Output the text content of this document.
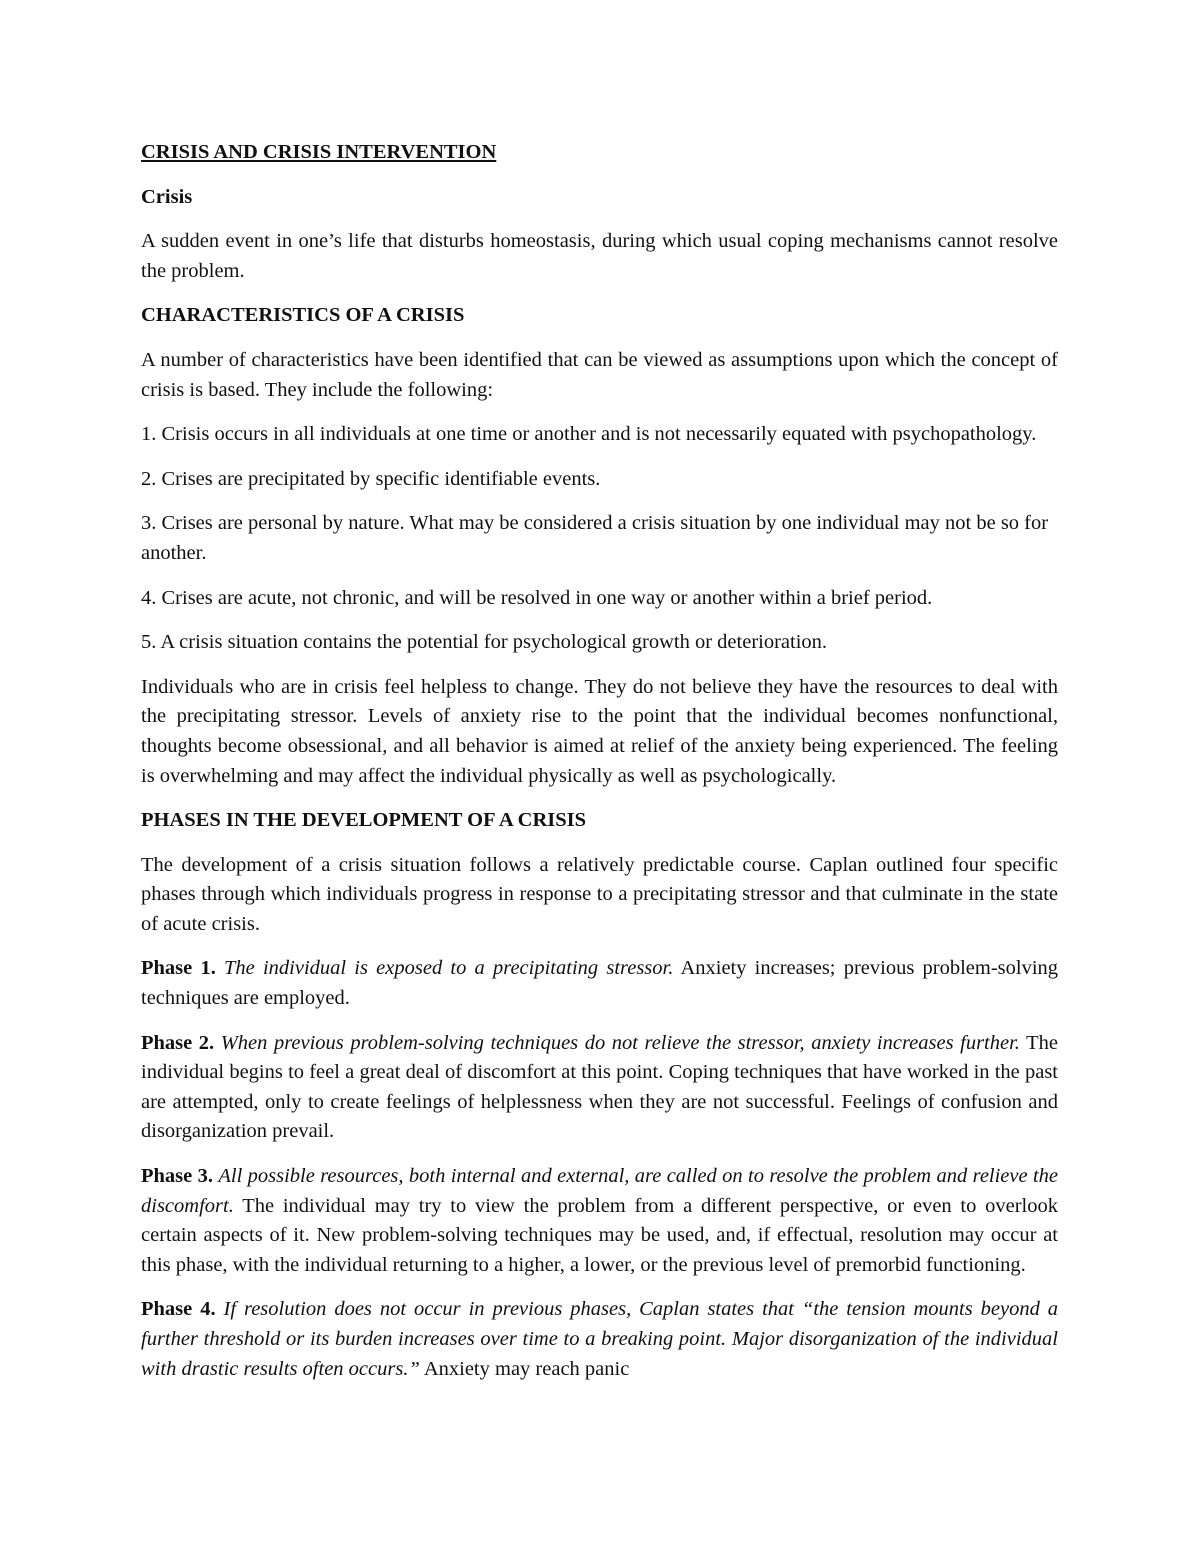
CRISIS AND CRISIS INTERVENTION

Crisis

A sudden event in one’s life that disturbs homeostasis, during which usual coping mechanisms cannot resolve the problem.

CHARACTERISTICS OF A CRISIS

A number of characteristics have been identified that can be viewed as assumptions upon which the concept of crisis is based. They include the following:

1. Crisis occurs in all individuals at one time or another and is not necessarily equated with psychopathology.

2. Crises are precipitated by specific identifiable events.

3. Crises are personal by nature. What may be considered a crisis situation by one individual may not be so for another.

4. Crises are acute, not chronic, and will be resolved in one way or another within a brief period.

5. A crisis situation contains the potential for psychological growth or deterioration.

Individuals who are in crisis feel helpless to change. They do not believe they have the resources to deal with the precipitating stressor. Levels of anxiety rise to the point that the individual becomes nonfunctional, thoughts become obsessional, and all behavior is aimed at relief of the anxiety being experienced. The feeling is overwhelming and may affect the individual physically as well as psychologically.

PHASES IN THE DEVELOPMENT OF A CRISIS

The development of a crisis situation follows a relatively predictable course. Caplan outlined four specific phases through which individuals progress in response to a precipitating stressor and that culminate in the state of acute crisis.

Phase 1. The individual is exposed to a precipitating stressor. Anxiety increases; previous problem-solving techniques are employed.

Phase 2. When previous problem-solving techniques do not relieve the stressor, anxiety increases further. The individual begins to feel a great deal of discomfort at this point. Coping techniques that have worked in the past are attempted, only to create feelings of helplessness when they are not successful. Feelings of confusion and disorganization prevail.

Phase 3. All possible resources, both internal and external, are called on to resolve the problem and relieve the discomfort. The individual may try to view the problem from a different perspective, or even to overlook certain aspects of it. New problem-solving techniques may be used, and, if effectual, resolution may occur at this phase, with the individual returning to a higher, a lower, or the previous level of premorbid functioning.

Phase 4. If resolution does not occur in previous phases, Caplan states that “the tension mounts beyond a further threshold or its burden increases over time to a breaking point. Major disorganization of the individual with drastic results often occurs.” Anxiety may reach panic
